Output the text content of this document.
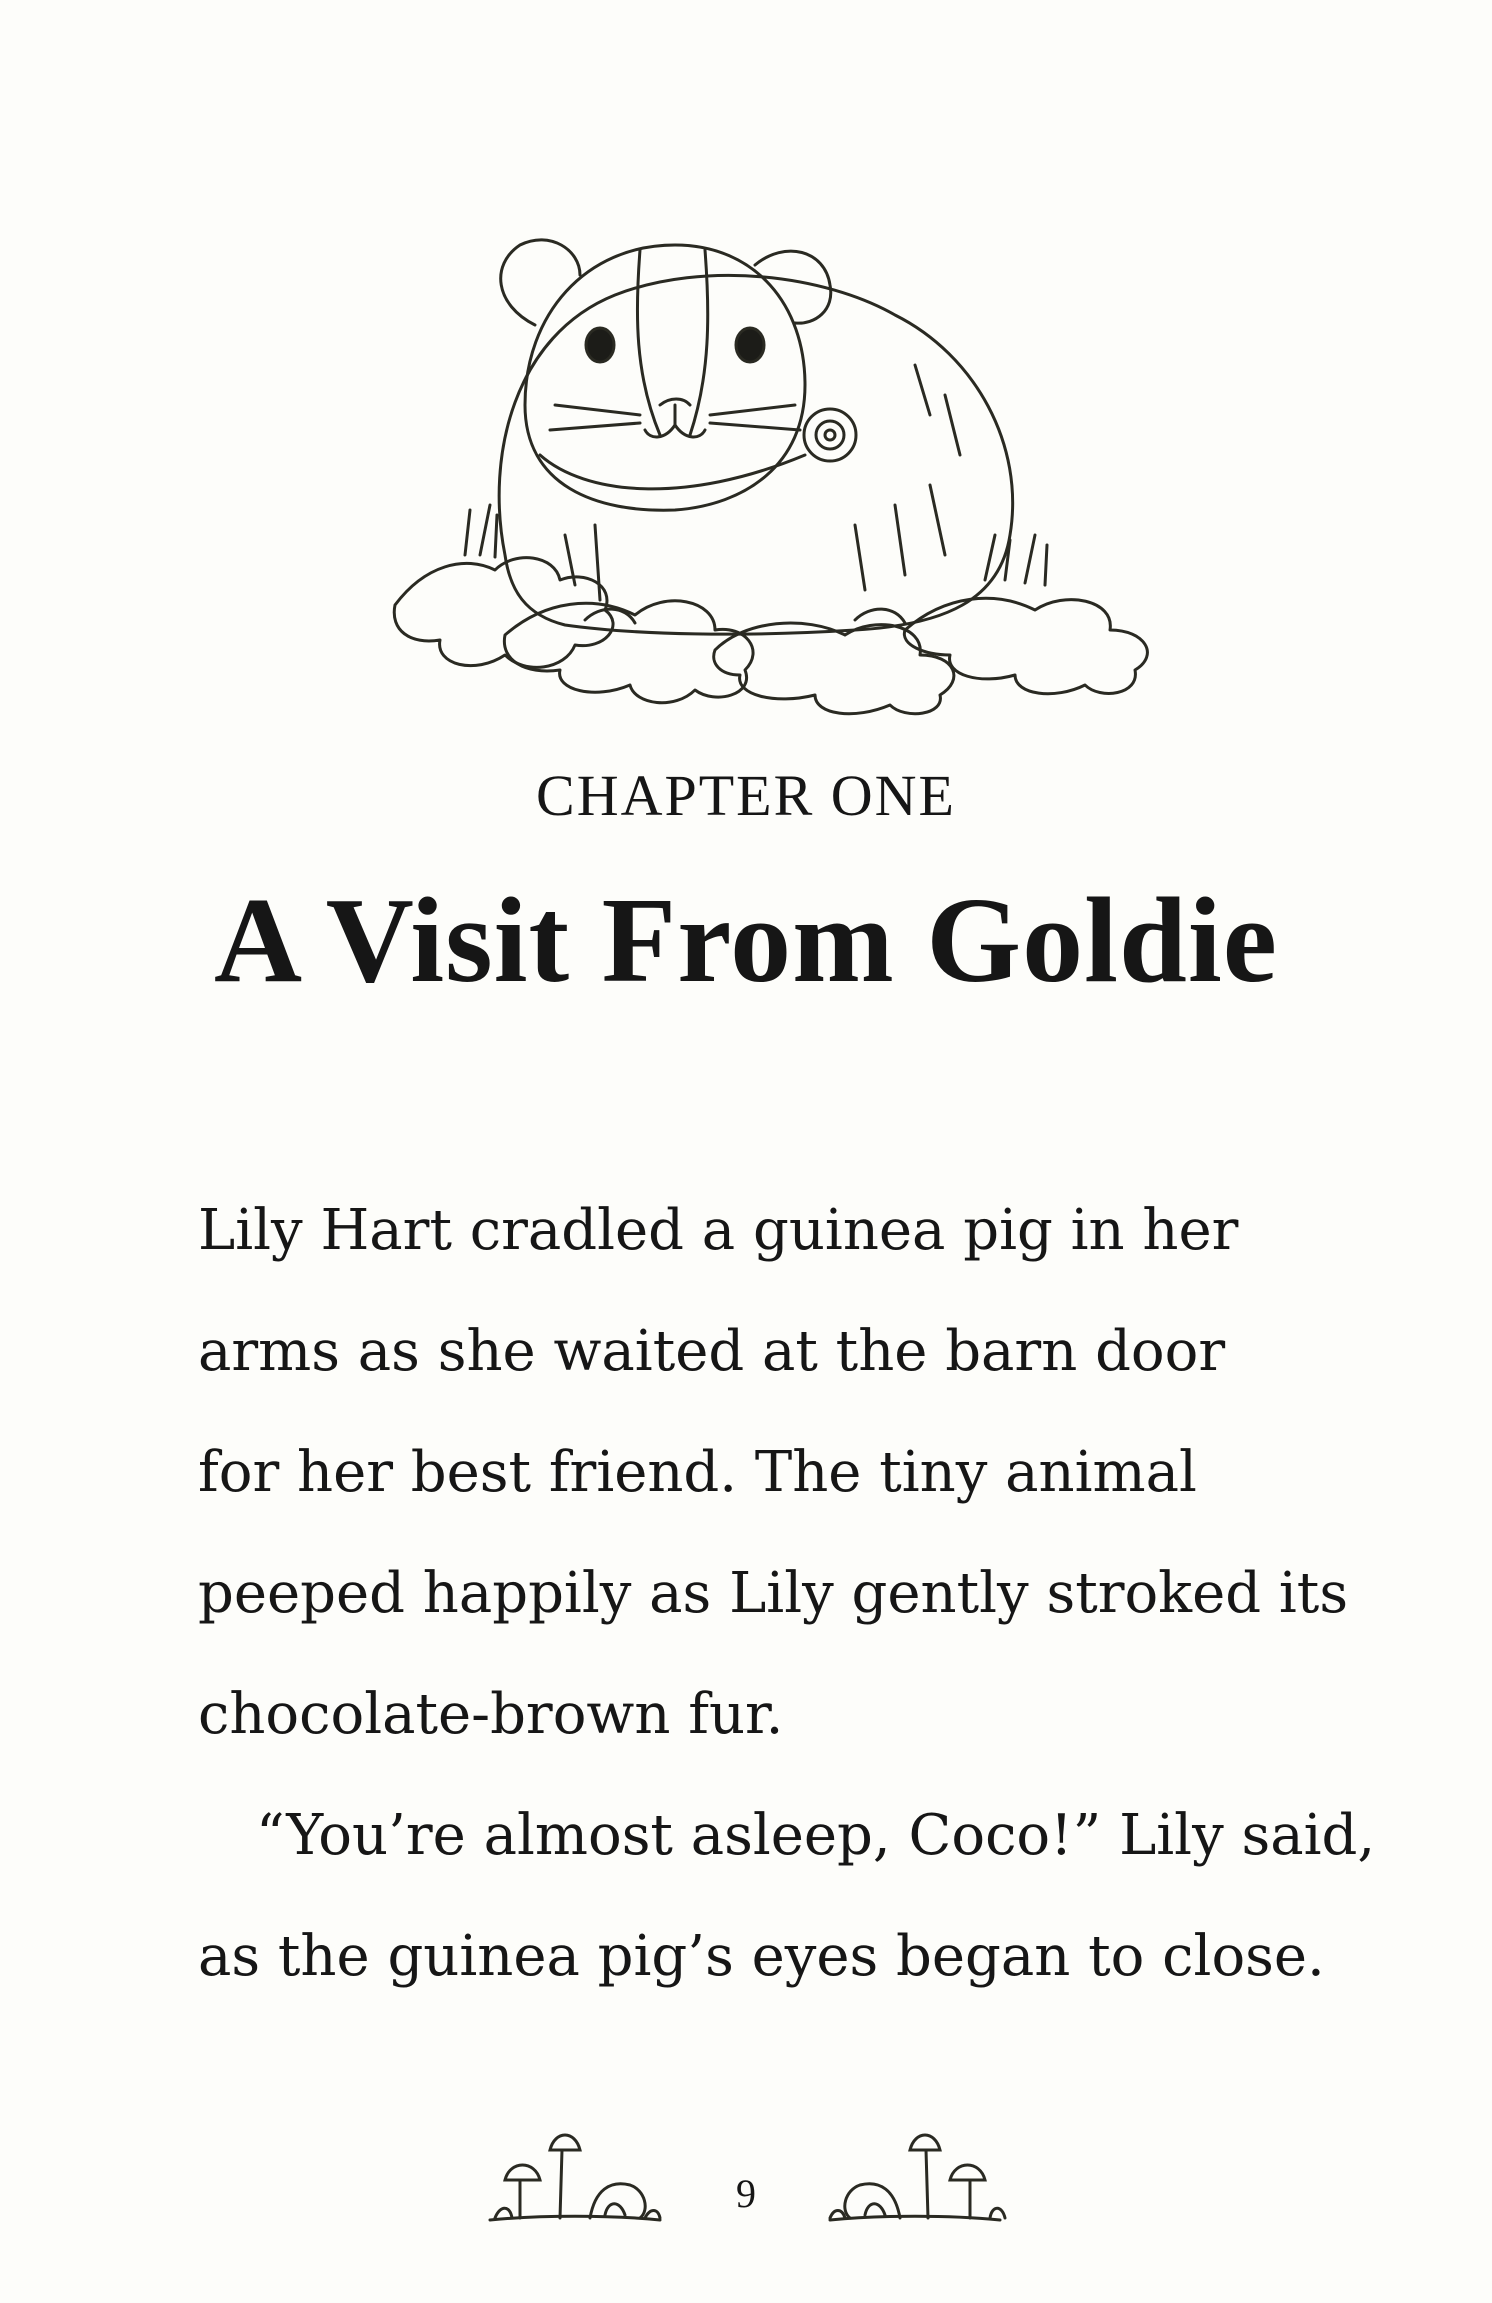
CHAPTER ONE
A Visit From Goldie

Lily Hart cradled a guinea pig in her
arms as she waited at the barn door
for her best friend. The tiny animal
peeped happily as Lily gently stroked its
chocolate-brown fur.

“You’re almost asleep, Coco!” Lily said,
as the guinea pig’s eyes began to close.

9
